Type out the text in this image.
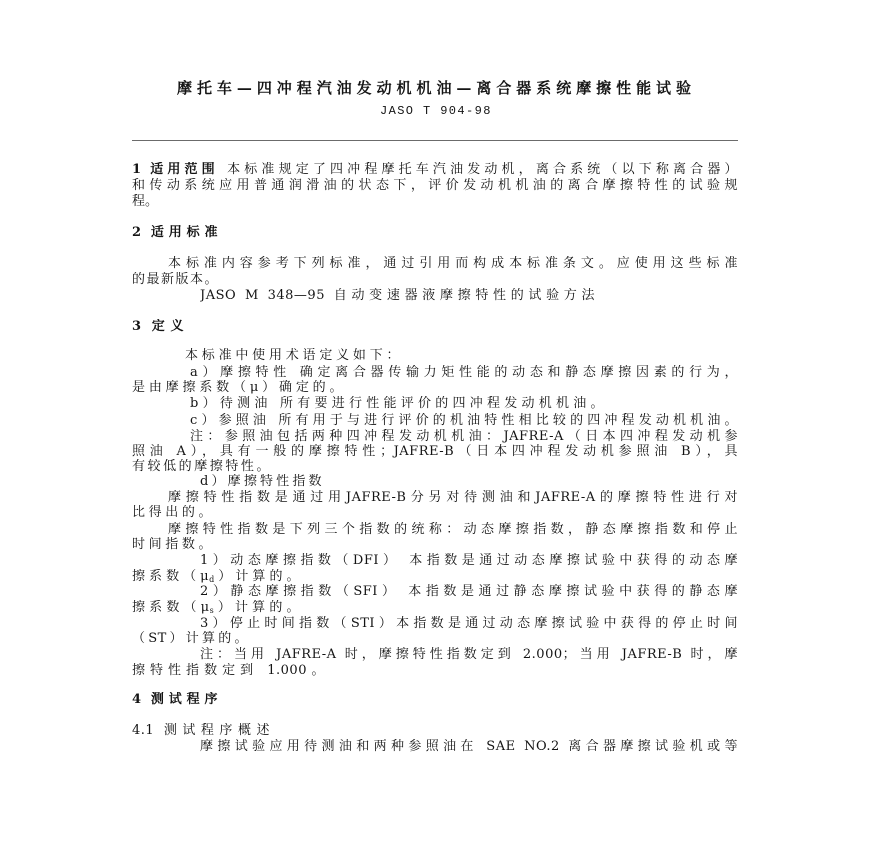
摩托车—四冲程汽油发动机机油—离合器系统摩擦性能试验
JASO T 904-98
1 适用范围 本标准规定了四冲程摩托车汽油发动机，离合系统（以下称离合器）
和传动系统应用普通润滑油的状态下，评价发动机机油的离合摩擦特性的试验规
程。
2 适用标准
本标准内容参考下列标准，通过引用而构成本标准条文。应使用这些标准
的最新版本。
JASO M 348—95 自动变速器液摩擦特性的试验方法
3 定义
本标准中使用术语定义如下：
a）摩擦特性 确定离合器传输力矩性能的动态和静态摩擦因素的行为，
是由摩擦系数（μ）确定的。
b）待测油 所有要进行性能评价的四冲程发动机机油。
c）参照油 所有用于与进行评价的机油特性相比较的四冲程发动机机油。
注：参照油包括两种四冲程发动机机油：JAFRE-A（日本四冲程发动机参
照油 A），具有一般的摩擦特性；JAFRE-B（日本四冲程发动机参照油 B），具
有较低的摩擦特性。
d）摩擦特性指数
摩擦特性指数是通过用JAFRE-B分另对待测油和JAFRE-A的摩擦特性进行对
比得出的。
摩擦特性指数是下列三个指数的统称：动态摩擦指数，静态摩擦指数和停止
时间指数。
1）动态摩擦指数（DFI） 本指数是通过动态摩擦试验中获得的动态摩
擦系数$(\mu_d)$计算的。
2）静态摩擦指数（SFI） 本指数是通过静态摩擦试验中获得的静态摩
擦系数$(\mu_s)$计算的。
3）停止时间指数（STI）本指数是通过动态摩擦试验中获得的停止时间
（ST）计算的。
注：当用 JAFRE-A 时，摩擦特性指数定到 2.000；当用 JAFRE-B 时，摩
擦特性指数定到 1.000。
4 测试程序
4.1 测试程序概述
摩擦试验应用待测油和两种参照油在 SAE NO.2 离合器摩擦试验机或等
